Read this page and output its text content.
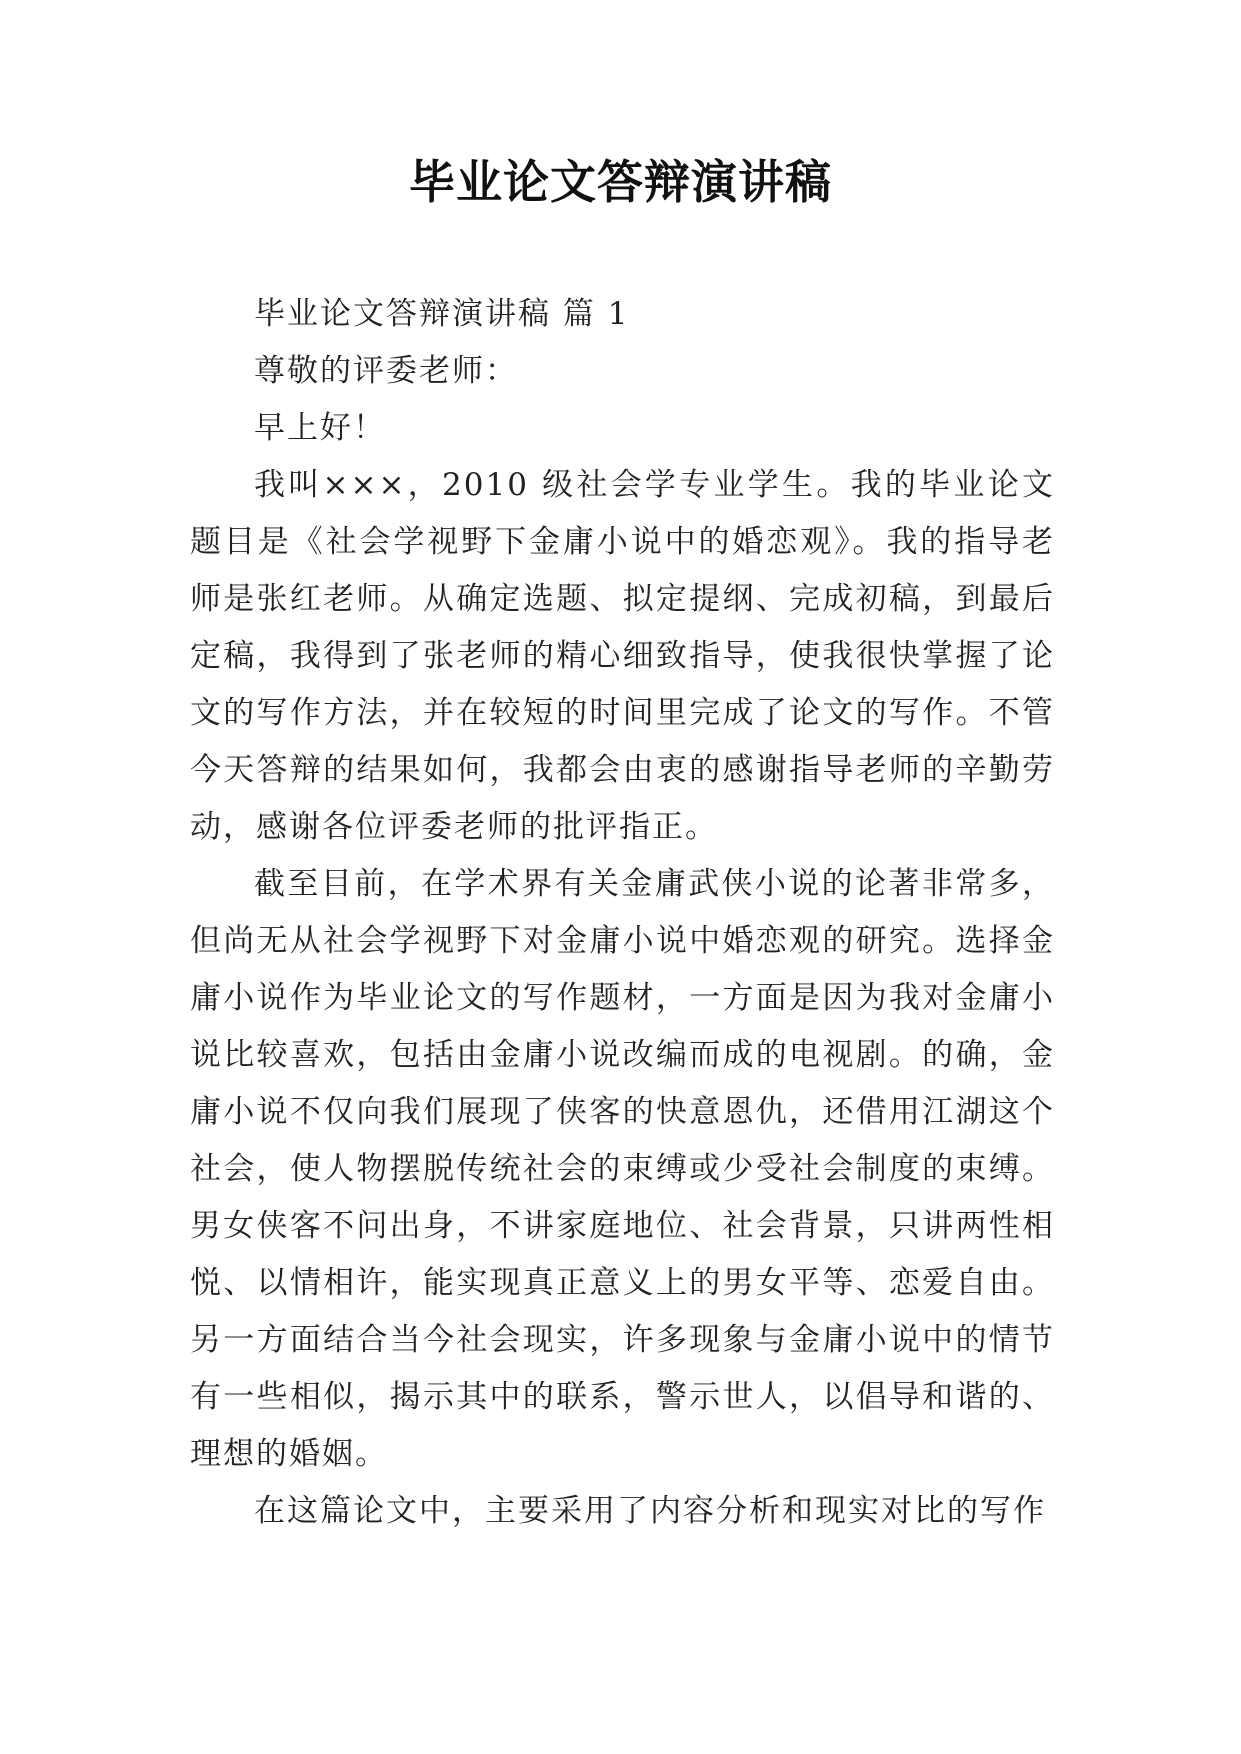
毕业论文答辩演讲稿

毕业论文答辩演讲稿 篇 1

尊敬的评委老师：

早上好！

我叫×××，2010 级社会学专业学生。我的毕业论文题目是《社会学视野下金庸小说中的婚恋观》。我的指导老师是张红老师。从确定选题、拟定提纲、完成初稿，到最后定稿，我得到了张老师的精心细致指导，使我很快掌握了论文的写作方法，并在较短的时间里完成了论文的写作。不管今天答辩的结果如何，我都会由衷的感谢指导老师的辛勤劳动，感谢各位评委老师的批评指正。

截至目前，在学术界有关金庸武侠小说的论著非常多，但尚无从社会学视野下对金庸小说中婚恋观的研究。选择金庸小说作为毕业论文的写作题材，一方面是因为我对金庸小说比较喜欢，包括由金庸小说改编而成的电视剧。的确，金庸小说不仅向我们展现了侠客的快意恩仇，还借用江湖这个社会，使人物摆脱传统社会的束缚或少受社会制度的束缚。男女侠客不问出身，不讲家庭地位、社会背景，只讲两性相悦、以情相许，能实现真正意义上的男女平等、恋爱自由。另一方面结合当今社会现实，许多现象与金庸小说中的情节有一些相似，揭示其中的联系，警示世人，以倡导和谐的、理想的婚姻。

在这篇论文中，主要采用了内容分析和现实对比的写作
